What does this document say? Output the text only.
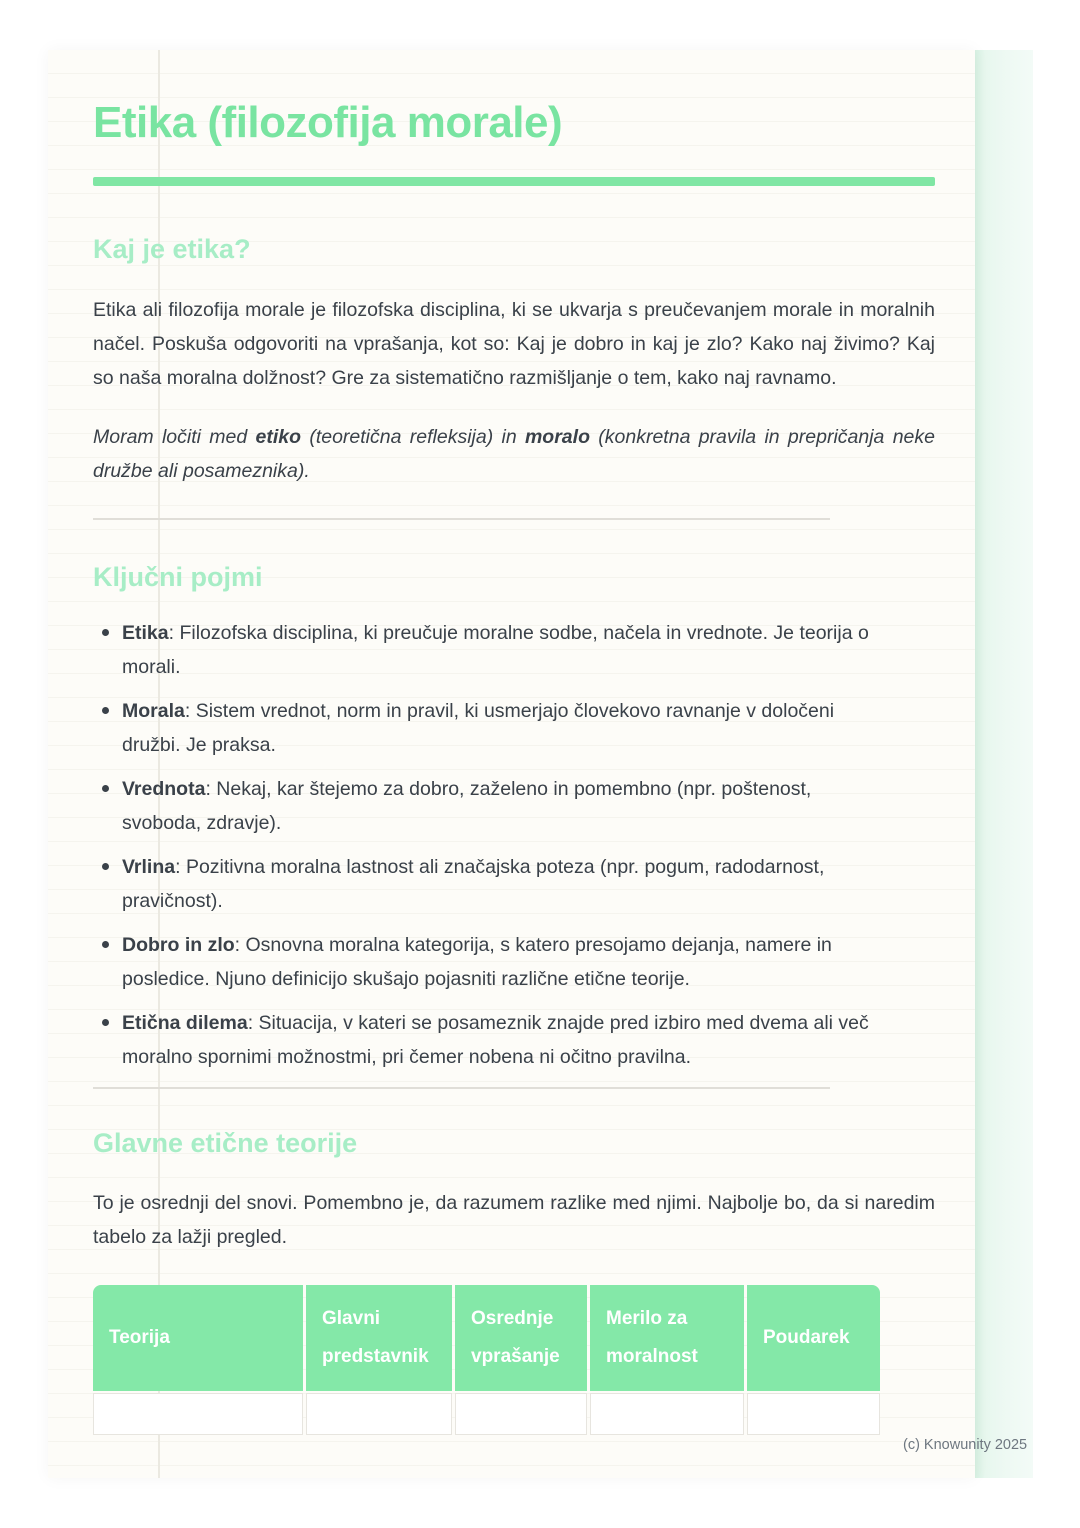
Etika (filozofija morale)
Kaj je etika?

Etika ali filozofija morale je filozofska disciplina, ki se ukvarja s preučevanjem morale in moralnih načel. Poskuša odgovoriti na vprašanja, kot so: Kaj je dobro in kaj je zlo? Kako naj živimo? Kaj so naša moralna dolžnost? Gre za sistematično razmišljanje o tem, kako naj ravnamo.

Moram ločiti med etiko (teoretična refleksija) in moralo (konkretna pravila in prepričanja neke družbe ali posameznika).

Ključni pojmi
Etika: Filozofska disciplina, ki preučuje moralne sodbe, načela in vrednote. Je teorija o morali.
Morala: Sistem vrednot, norm in pravil, ki usmerjajo človekovo ravnanje v določeni družbi. Je praksa.
Vrednota: Nekaj, kar štejemo za dobro, zaželeno in pomembno (npr. poštenost, svoboda, zdravje).
Vrlina: Pozitivna moralna lastnost ali značajska poteza (npr. pogum, radodarnost, pravičnost).
Dobro in zlo: Osnovna moralna kategorija, s katero presojamo dejanja, namere in posledice. Njuno definicijo skušajo pojasniti različne etične teorije.
Etična dilema: Situacija, v kateri se posameznik znajde pred izbiro med dvema ali več moralno spornimi možnostmi, pri čemer nobena ni očitno pravilna.
Glavne etične teorije

To je osrednji del snovi. Pomembno je, da razumem razlike med njimi. Najbolje bo, da si naredim tabelo za lažji pregled.

Teorija
Glavni predstavnik
Osrednje vprašanje
Merilo za moralnost
Poudarek
(c) Knowunity 2025
